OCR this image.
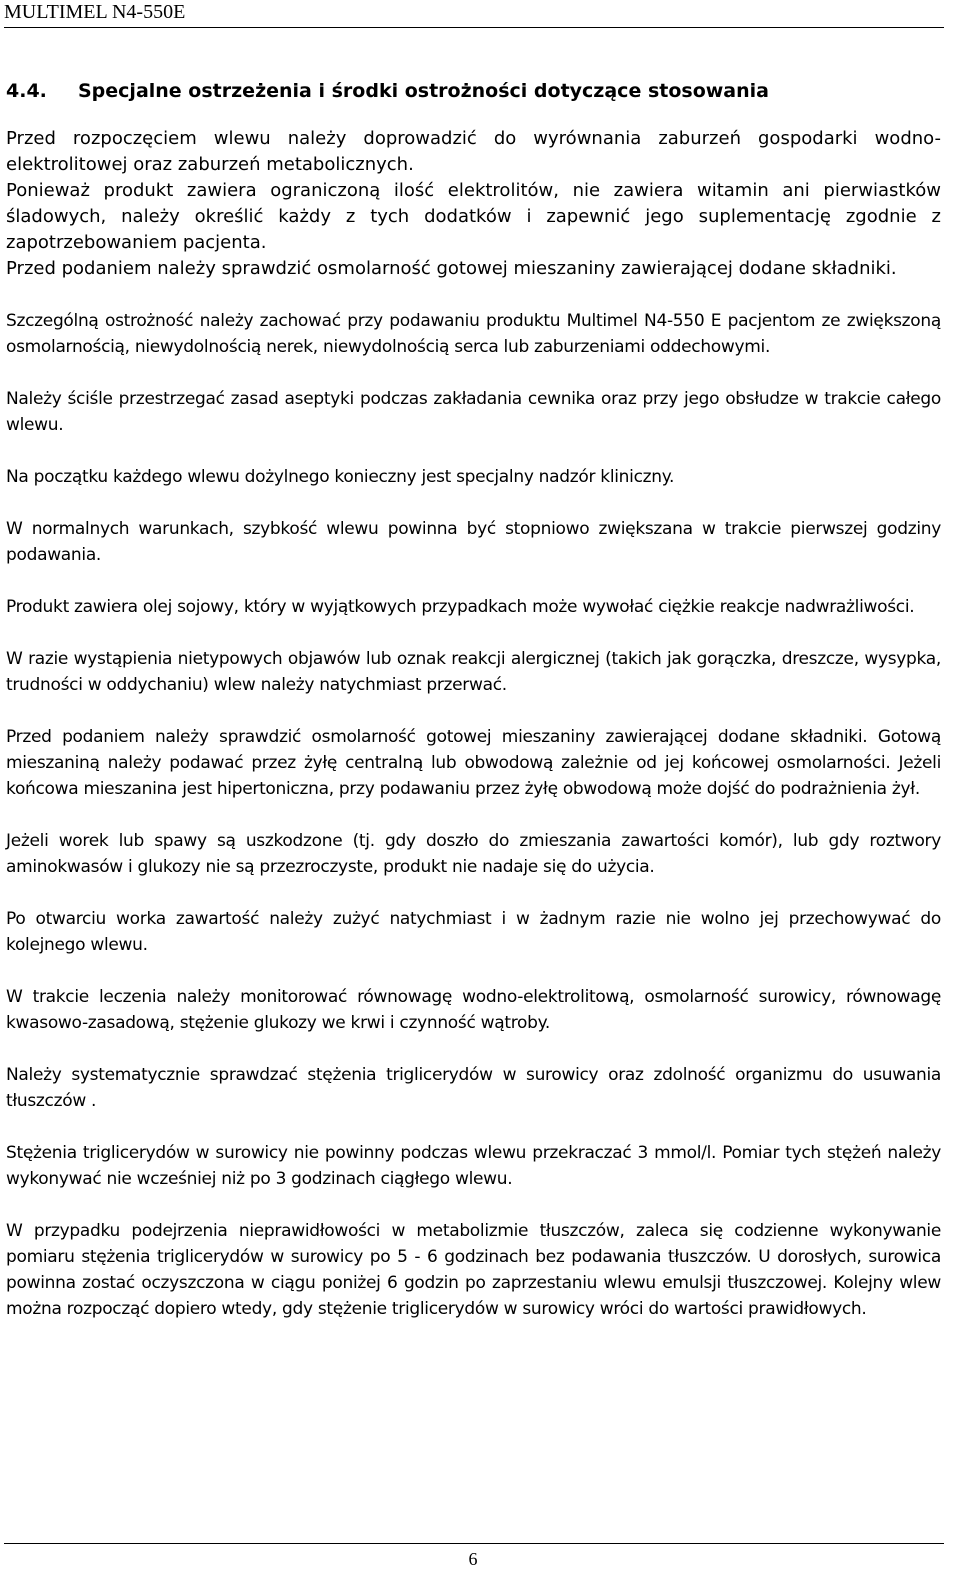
MULTIMEL N4-550E
4.4.	Specjalne ostrzeżenia i środki ostrożności dotyczące stosowania

Przed rozpoczęciem wlewu należy doprowadzić do wyrównania zaburzeń gospodarki wodno-elektrolitowej oraz zaburzeń metabolicznych.

Ponieważ produkt zawiera ograniczoną ilość elektrolitów, nie zawiera witamin ani pierwiastków śladowych, należy określić każdy z tych dodatków i zapewnić jego suplementację zgodnie z zapotrzebowaniem pacjenta.

Przed podaniem należy sprawdzić osmolarność gotowej mieszaniny zawierającej dodane składniki.

Szczególną ostrożność należy zachować przy podawaniu produktu Multimel N4-550 E pacjentom ze zwiększoną osmolarnością, niewydolnością nerek, niewydolnością serca lub zaburzeniami oddechowymi.

Należy ściśle przestrzegać zasad aseptyki podczas zakładania cewnika oraz przy jego obsłudze w trakcie całego wlewu.

Na początku każdego wlewu dożylnego konieczny jest specjalny nadzór kliniczny.

W normalnych warunkach, szybkość wlewu powinna być stopniowo zwiększana w trakcie pierwszej godziny podawania.

Produkt zawiera olej sojowy, który w wyjątkowych przypadkach może wywołać ciężkie reakcje nadwrażliwości.

W razie wystąpienia nietypowych objawów lub oznak reakcji alergicznej (takich jak gorączka, dreszcze, wysypka, trudności w oddychaniu) wlew należy natychmiast przerwać.

Przed podaniem należy sprawdzić osmolarność gotowej mieszaniny zawierającej dodane składniki. Gotową mieszaniną należy podawać przez żyłę centralną lub obwodową zależnie od jej końcowej osmolarności. Jeżeli końcowa mieszanina jest hipertoniczna, przy podawaniu przez żyłę obwodową może dojść do podrażnienia żył.

Jeżeli worek lub spawy są uszkodzone (tj. gdy doszło do zmieszania zawartości komór), lub gdy roztwory aminokwasów i glukozy nie są przezroczyste, produkt nie nadaje się do użycia.

Po otwarciu worka zawartość należy zużyć natychmiast i w żadnym razie nie wolno jej przechowywać do kolejnego wlewu.

W trakcie leczenia należy monitorować równowagę wodno-elektrolitową, osmolarność surowicy, równowagę kwasowo-zasadową, stężenie glukozy we krwi i czynność wątroby.

Należy systematycznie sprawdzać stężenia triglicerydów w surowicy oraz zdolność organizmu do usuwania tłuszczów .

Stężenia triglicerydów w surowicy nie powinny podczas wlewu przekraczać 3 mmol/l. Pomiar tych stężeń należy wykonywać nie wcześniej niż po 3 godzinach ciągłego wlewu.

W przypadku podejrzenia nieprawidłowości w metabolizmie tłuszczów, zaleca się codzienne wykonywanie pomiaru stężenia triglicerydów w surowicy po 5 - 6 godzinach bez podawania tłuszczów. U dorosłych, surowica powinna zostać oczyszczona w ciągu poniżej 6 godzin po zaprzestaniu wlewu emulsji tłuszczowej. Kolejny wlew można rozpocząć dopiero wtedy, gdy stężenie triglicerydów w surowicy wróci do wartości prawidłowych.

6
